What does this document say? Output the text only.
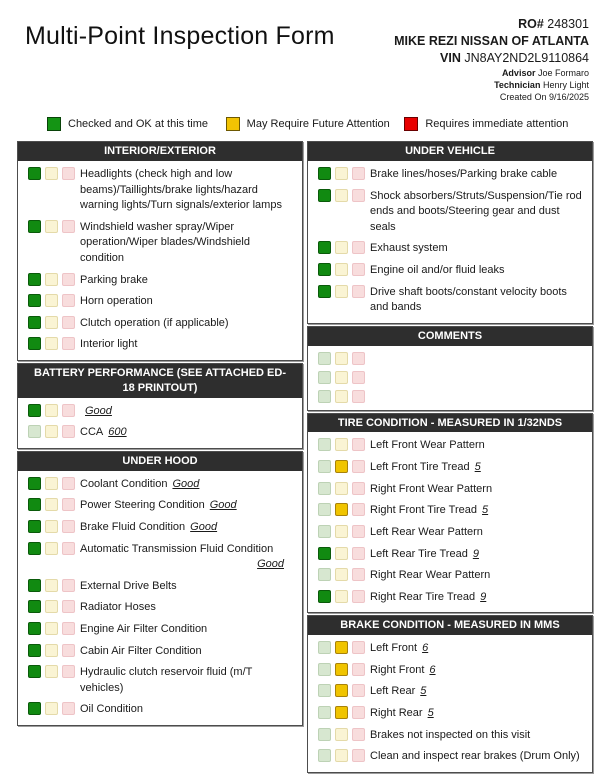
Multi-Point Inspection Form	RO# 248301
MIKE REZI NISSAN OF ATLANTA
VIN JN8AY2ND2L9110864
Advisor Joe Formaro
Technician Henry Light
Created On 9/16/2025
Checked and OK at this time	May Require Future Attention	Requires immediate attention
INTERIOR/EXTERIOR
Headlights (check high and low beams)/Taillights/brake lights/hazard warning lights/Turn signals/exterior lamps
Windshield washer spray/Wiper operation/Wiper blades/Windshield condition
Parking brake
Horn operation
Clutch operation (if applicable)
Interior light
BATTERY PERFORMANCE (SEE ATTACHED ED-18 PRINTOUT)
Good
CCA 600
UNDER HOOD
Coolant Condition Good
Power Steering Condition Good
Brake Fluid Condition Good
Automatic Transmission Fluid Condition
Good
External Drive Belts
Radiator Hoses
Engine Air Filter Condition
Cabin Air Filter Condition
Hydraulic clutch reservoir fluid (m/T vehicles)
Oil Condition
UNDER VEHICLE
Brake lines/hoses/Parking brake cable
Shock absorbers/Struts/Suspension/Tie rod ends and boots/Steering gear and dust seals
Exhaust system
Engine oil and/or fluid leaks
Drive shaft boots/constant velocity boots and bands
COMMENTS
TIRE CONDITION - MEASURED IN 1/32NDS
Left Front Wear Pattern
Left Front Tire Tread 5
Right Front Wear Pattern
Right Front Tire Tread 5
Left Rear Wear Pattern
Left Rear Tire Tread 9
Right Rear Wear Pattern
Right Rear Tire Tread 9
BRAKE CONDITION - MEASURED IN MMS
Left Front 6
Right Front 6
Left Rear 5
Right Rear 5
Brakes not inspected on this visit
Clean and inspect rear brakes (Drum Only)
